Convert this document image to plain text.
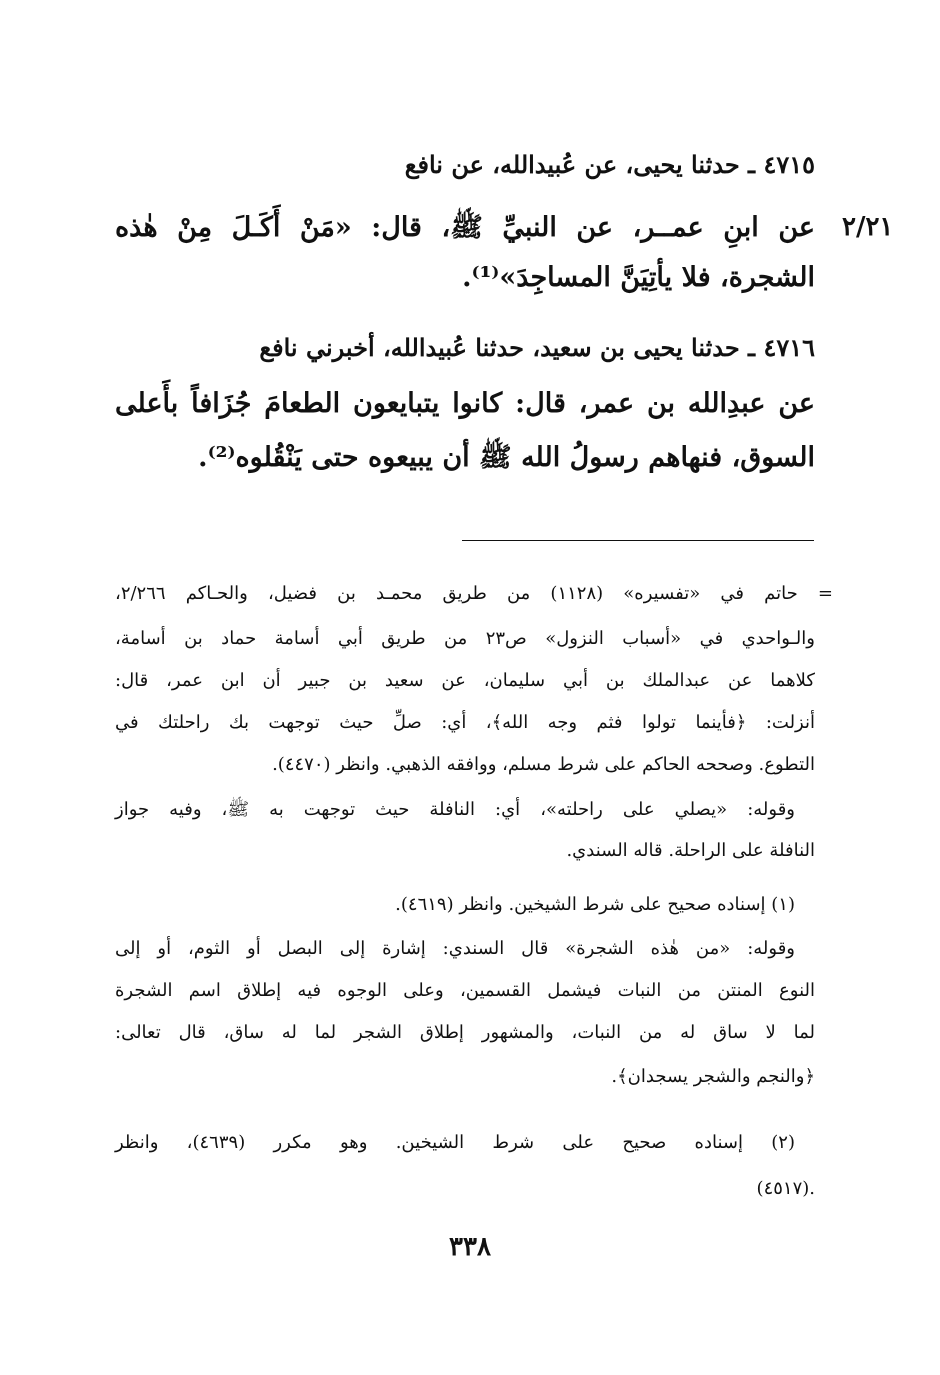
٤٧١٥ ـ حدثنا يحيى، عن عُبيدالله، عن نافع
٢/٢١
عن ابنِ عمــر، عن النبيِّ ﷺ، قال: «مَنْ أَكَـلَ مِنْ هٰذه
الشجرة، فلا يأتِيَنَّ المساجِدَ»⁽¹⁾.
٤٧١٦ ـ حدثنا يحيى بن سعيد، حدثنا عُبيدالله، أخبرني نافع
عن عبدِالله بن عمر، قال: كانوا يتبايعون الطعامَ جُزَافاً بأَعلى
السوق، فنهاهم رسولُ الله ﷺ أن يبيعوه حتى يَنْقُلوه⁽²⁾.
= حاتم في «تفسيره» (١١٢٨) من طريق محمـد بن فضيل، والحـاكم ٢/٢٦٦،
والـواحدي في «أسباب النزول» ص٢٣ من طريق أبي أسامة حماد بن أسامة،
كلاهما عن عبدالملك بن أبي سليمان، عن سعيد بن جبير أن ابن عمر، قال:
أنزلت: ﴿فأينما تولوا فثم وجه الله﴾، أي: صلِّ حيث توجهت بك راحلتك في
التطوع. وصححه الحاكم على شرط مسلم، ووافقه الذهبي. وانظر (٤٤٧٠).
وقوله: «يصلي على راحلته»، أي: النافلة حيث توجهت به ﷺ، وفيه جواز
النافلة على الراحلة. قاله السندي.
(١) إسناده صحيح على شرط الشيخين. وانظر (٤٦١٩).
وقوله: «من هٰذه الشجرة» قال السندي: إشارة إلى البصل أو الثوم، أو إلى
النوع المنتن من النبات فيشمل القسمين، وعلى الوجوه فيه إطلاق اسم الشجرة
لما لا ساق له من النبات، والمشهور إطلاق الشجر لما له ساق، قال تعالى:
﴿والنجم والشجر يسجدان﴾.
(٢) إسناده صحيح على شرط الشيخين. وهو مكرر (٤٦٣٩)، وانظر
(٤٥١٧).
٣٣٨
